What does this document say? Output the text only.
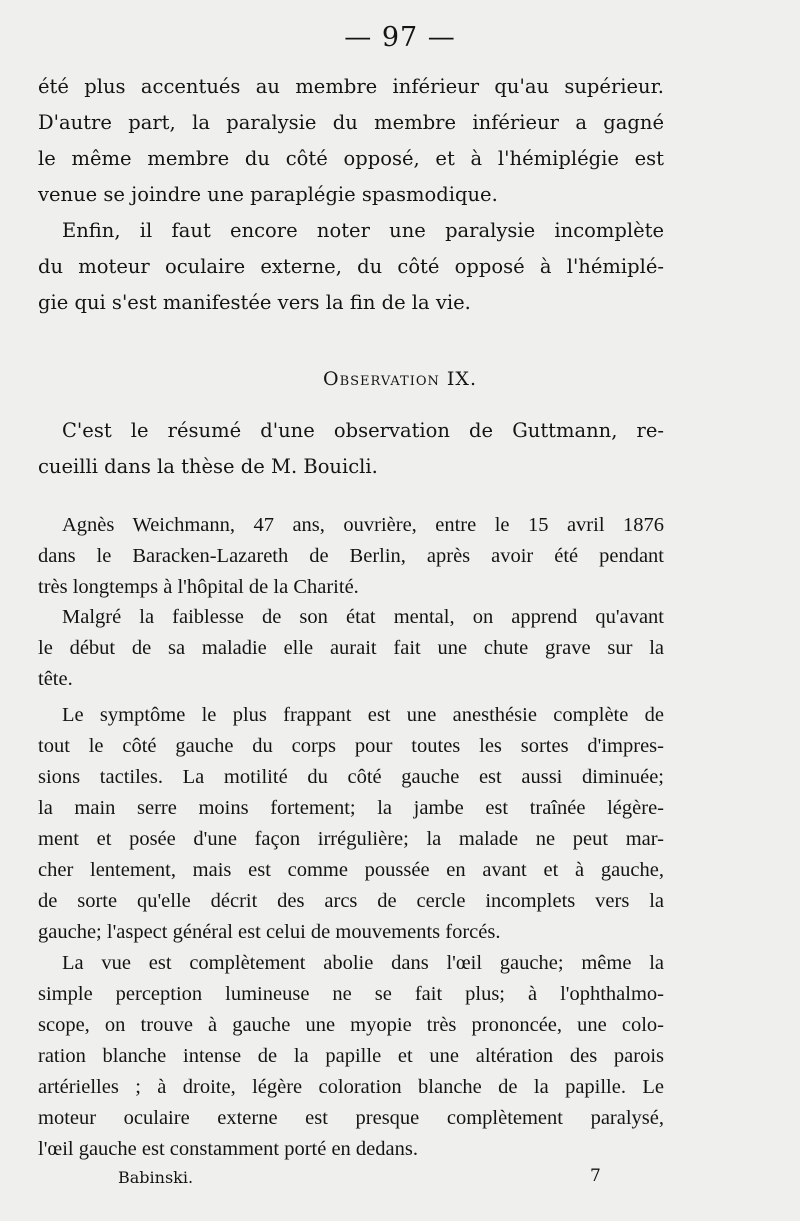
— 97 —
été plus accentués au membre inférieur qu'au supérieur.
D'autre part, la paralysie du membre inférieur a gagné
le même membre du côté opposé, et à l'hémiplégie est
venue se joindre une paraplégie spasmodique.
Enfin, il faut encore noter une paralysie incomplète
du moteur oculaire externe, du côté opposé à l'hémiplé-
gie qui s'est manifestée vers la fin de la vie.
C'est le résumé d'une observation de Guttmann, re-
cueilli dans la thèse de M. Bouicli.
Observation IX.
Agnès Weichmann, 47 ans, ouvrière, entre le 15 avril 1876
dans le Baracken-Lazareth de Berlin, après avoir été pendant
très longtemps à l'hôpital de la Charité.
Malgré la faiblesse de son état mental, on apprend qu'avant
le début de sa maladie elle aurait fait une chute grave sur la
tête.
Le symptôme le plus frappant est une anesthésie complète de
tout le côté gauche du corps pour toutes les sortes d'impres-
sions tactiles. La motilité du côté gauche est aussi diminuée;
la main serre moins fortement; la jambe est traînée légère-
ment et posée d'une façon irrégulière; la malade ne peut mar-
cher lentement, mais est comme poussée en avant et à gauche,
de sorte qu'elle décrit des arcs de cercle incomplets vers la
gauche; l'aspect général est celui de mouvements forcés.
La vue est complètement abolie dans l'œil gauche; même la
simple perception lumineuse ne se fait plus; à l'ophthalmo-
scope, on trouve à gauche une myopie très prononcée, une colo-
ration blanche intense de la papille et une altération des parois
artérielles ; à droite, légère coloration blanche de la papille. Le
moteur oculaire externe est presque complètement paralysé,
l'œil gauche est constamment porté en dedans.
Babinski.	7
